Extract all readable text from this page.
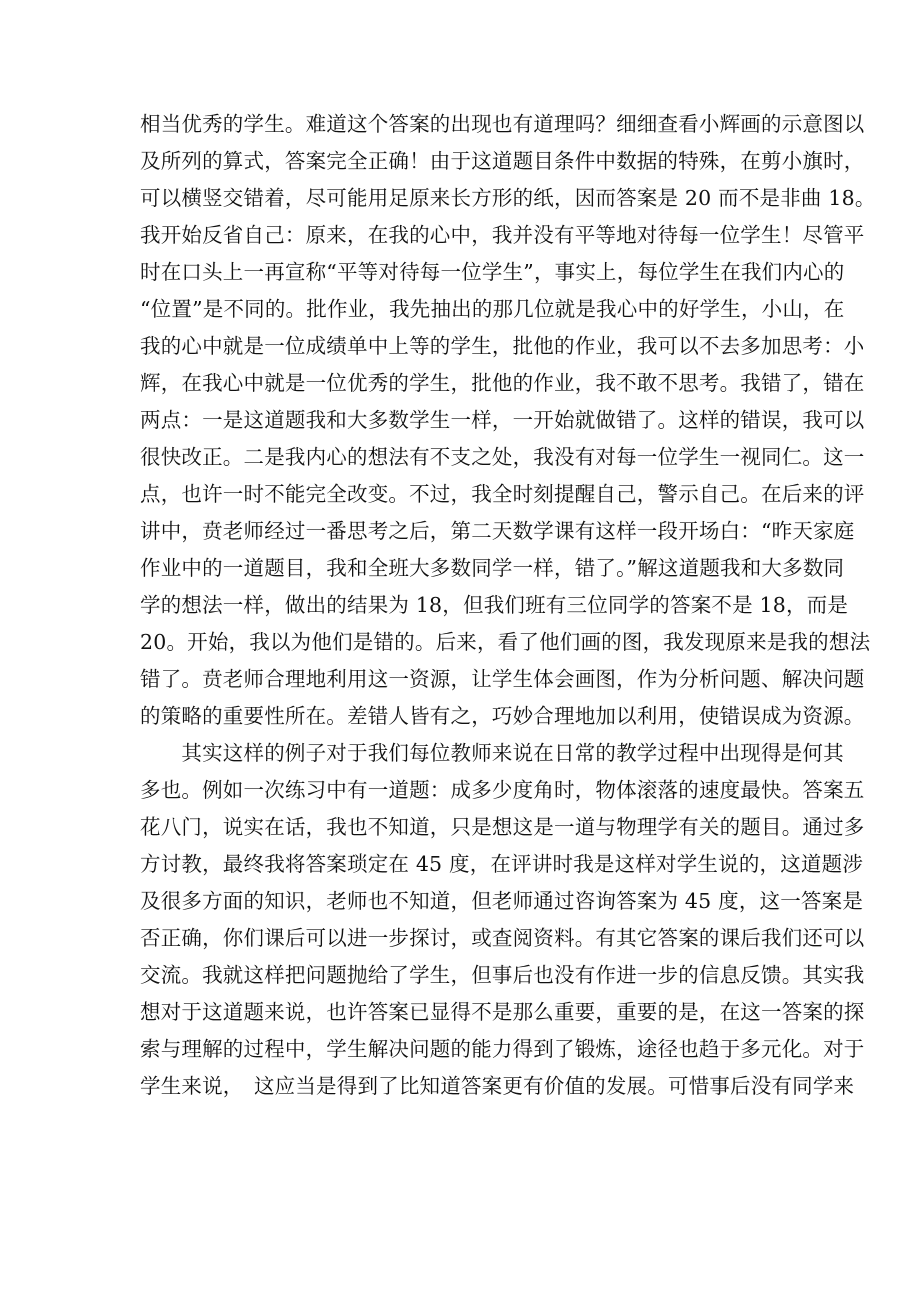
相当优秀的学生。难道这个答案的出现也有道理吗？细细查看小辉画的示意图以
及所列的算式，答案完全正确！由于这道题目条件中数据的特殊，在剪小旗时，
可以横竖交错着，尽可能用足原来长方形的纸，因而答案是 20 而不是非曲 18。
我开始反省自己：原来，在我的心中，我并没有平等地对待每一位学生！尽管平
时在口头上一再宣称“平等对待每一位学生”，事实上，每位学生在我们内心的
“位置”是不同的。批作业，我先抽出的那几位就是我心中的好学生，小山，在
我的心中就是一位成绩单中上等的学生，批他的作业，我可以不去多加思考：小
辉，在我心中就是一位优秀的学生，批他的作业，我不敢不思考。我错了，错在
两点：一是这道题我和大多数学生一样，一开始就做错了。这样的错误，我可以
很快改正。二是我内心的想法有不支之处，我没有对每一位学生一视同仁。这一
点，也许一时不能完全改变。不过，我全时刻提醒自己，警示自己。在后来的评
讲中，贲老师经过一番思考之后，第二天数学课有这样一段开场白：“昨天家庭
作业中的一道题目，我和全班大多数同学一样，错了。”解这道题我和大多数同
学的想法一样，做出的结果为 18，但我们班有三位同学的答案不是 18，而是
20。开始，我以为他们是错的。后来，看了他们画的图，我发现原来是我的想法
错了。贲老师合理地利用这一资源，让学生体会画图，作为分析问题、解决问题
的策略的重要性所在。差错人皆有之，巧妙合理地加以利用，使错误成为资源。
　　其实这样的例子对于我们每位教师来说在日常的教学过程中出现得是何其
多也。例如一次练习中有一道题：成多少度角时，物体滚落的速度最快。答案五
花八门，说实在话，我也不知道，只是想这是一道与物理学有关的题目。通过多
方讨教，最终我将答案琐定在 45 度，在评讲时我是这样对学生说的，这道题涉
及很多方面的知识，老师也不知道，但老师通过咨询答案为 45 度，这一答案是
否正确，你们课后可以进一步探讨，或查阅资料。有其它答案的课后我们还可以
交流。我就这样把问题抛给了学生，但事后也没有作进一步的信息反馈。其实我
想对于这道题来说，也许答案已显得不是那么重要，重要的是，在这一答案的探
索与理解的过程中，学生解决问题的能力得到了锻炼，途径也趋于多元化。对于
学生来说，　这应当是得到了比知道答案更有价值的发展。可惜事后没有同学来
